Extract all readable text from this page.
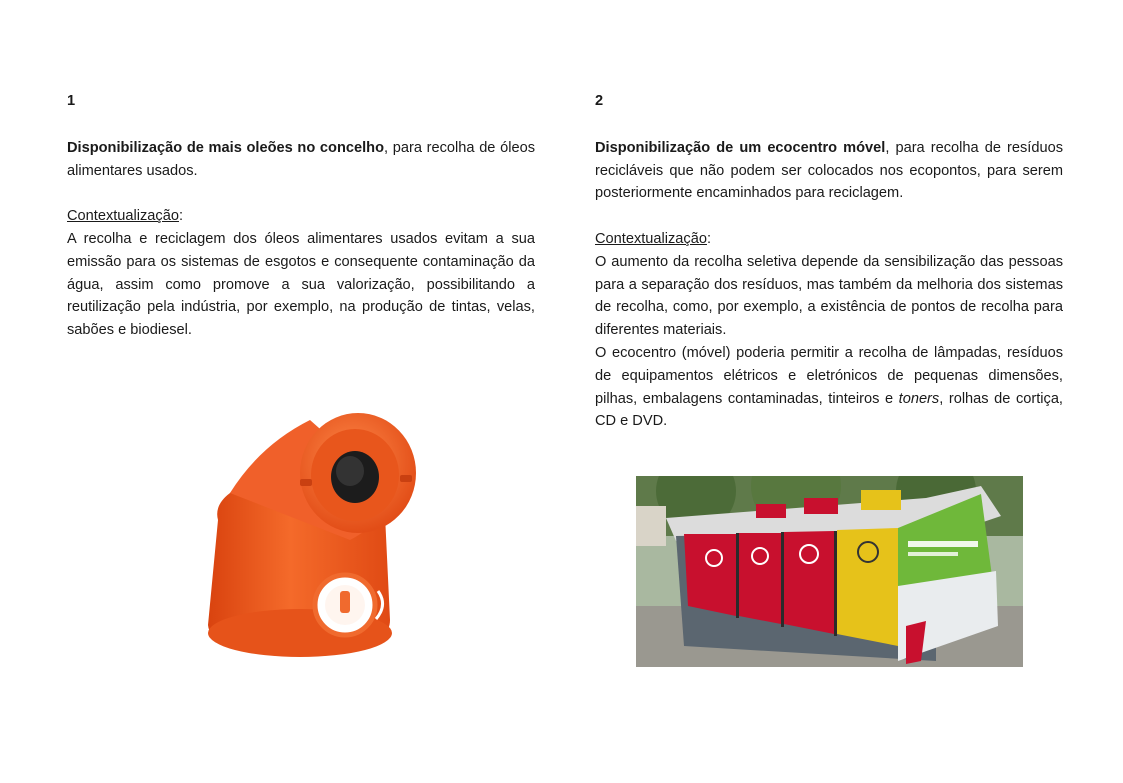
1

Disponibilização de mais oleões no concelho, para recolha de óleos alimentares usados.

Contextualização:

A recolha e reciclagem dos óleos alimentares usados evitam a sua emissão para os sistemas de esgotos e consequente contaminação da água, assim como promove a sua valorização, possibilitando a reutilização pela indústria, por exemplo, na produção de tintas, velas, sabões e biodiesel.

2

Disponibilização de um ecocentro móvel, para recolha de resíduos recicláveis que não podem ser colocados nos ecopontos, para serem posteriormente encaminhados para reciclagem.

Contextualização:

O aumento da recolha seletiva depende da sensibilização das pessoas para a separação dos resíduos, mas também da melhoria dos sistemas de recolha, como, por exemplo, a existência de pontos de recolha para diferentes materiais.

O ecocentro (móvel) poderia permitir a recolha de lâmpadas, resíduos de equipamentos elétricos e eletrónicos de pequenas dimensões, pilhas, embalagens contaminadas, tinteiros e toners, rolhas de cortiça, CD e DVD.
